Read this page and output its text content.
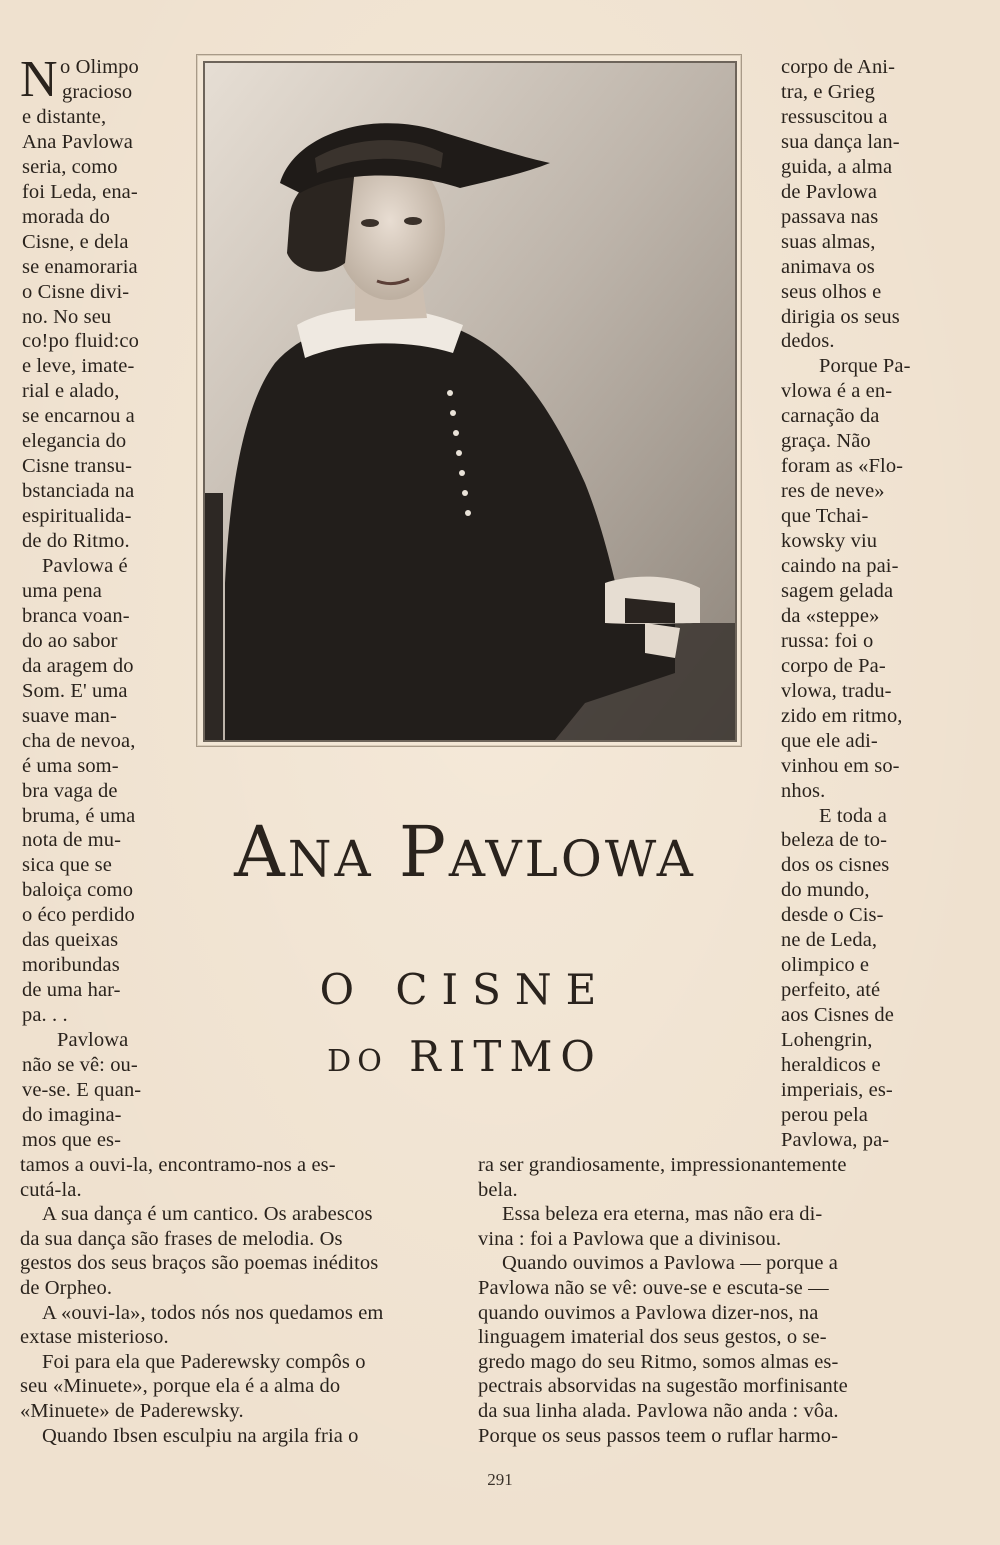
N o Olimpo
gracioso
e distante,
Ana Pavlowa
seria, como
foi Leda, ena-
morada do
Cisne, e dela
se enamoraria
o Cisne divi-
no. No seu
co!po fluid:co
e leve, imate-
rial e alado,
se encarnou a
elegancia do
Cisne transu-
bstanciada na
espiritualida-
de do Ritmo.
Pavlowa é
uma pena
branca voan-
do ao sabor
da aragem do
Som. E' uma
suave man-
cha de nevoa,
é uma som-
bra vaga de
bruma, é uma
nota de mu-
sica que se
baloiça como
o éco perdido
das queixas
moribundas
de uma har-
pa. . .
Pavlowa
não se vê: ou-
ve-se. E quan-
do imagina-
mos que es-
corpo de Ani-
tra, e Grieg
ressuscitou a
sua dança lan-
guida, a alma
de Pavlowa
passava nas
suas almas,
animava os
seus olhos e
dirigia os seus
dedos.
Porque Pa-
vlowa é a en-
carnação da
graça. Não
foram as «Flo-
res de neve»
que Tchai-
kowsky viu
caindo na pai-
sagem gelada
da «steppe»
russa: foi o
corpo de Pa-
vlowa, tradu-
zido em ritmo,
que ele adi-
vinhou em so-
nhos.
E toda a
beleza de to-
dos os cisnes
do mundo,
desde o Cis-
ne de Leda,
olimpico e
perfeito, até
aos Cisnes de
Lohengrin,
heraldicos e
imperiais, es-
perou pela
Pavlowa, pa-
ANA PAVLOWA
O CISNE
DO RITMO
tamos a ouvi-la, encontramo-nos a es-
cutá-la.
A sua dança é um cantico. Os arabescos
da sua dança são frases de melodia. Os
gestos dos seus braços são poemas inéditos
de Orpheo.
A «ouvi-la», todos nós nos quedamos em
extase misterioso.
Foi para ela que Paderewsky compôs o
seu «Minuete», porque ela é a alma do
«Minuete» de Paderewsky.
Quando Ibsen esculpiu na argila fria o
ra ser grandiosamente, impressionantemente
bela.
Essa beleza era eterna, mas não era di-
vina : foi a Pavlowa que a divinisou.
Quando ouvimos a Pavlowa — porque a
Pavlowa não se vê: ouve-se e escuta-se —
quando ouvimos a Pavlowa dizer-nos, na
linguagem imaterial dos seus gestos, o se-
gredo mago do seu Ritmo, somos almas es-
pectrais absorvidas na sugestão morfinisante
da sua linha alada. Pavlowa não anda : vôa.
Porque os seus passos teem o ruflar harmo-
291
